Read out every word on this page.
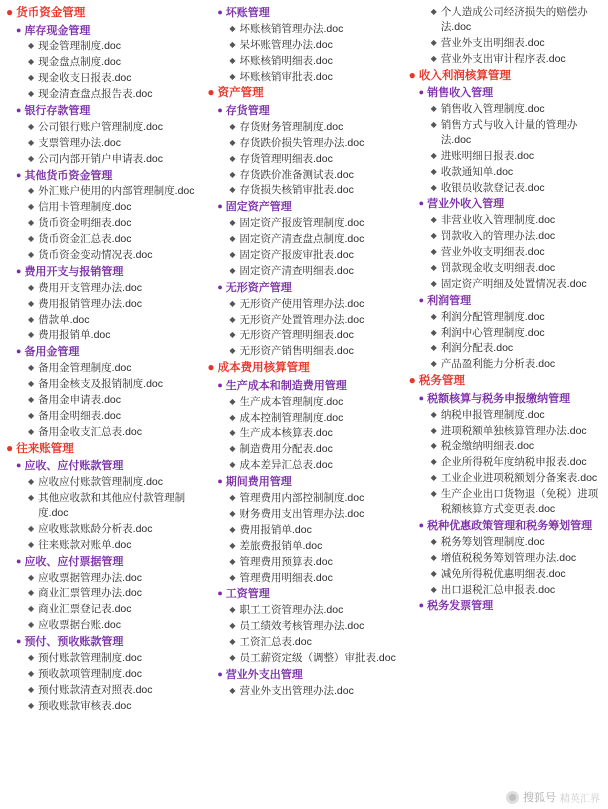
● 货币资金管理
● 库存现金管理
◆ 现金管理制度.doc
◆ 现金盘点制度.doc
◆ 现金收支日报表.doc
◆ 现金清查盘点报告表.doc
● 银行存款管理
◆ 公司银行账户管理制度.doc
◆ 支票管理办法.doc
◆ 公司内部开销户申请表.doc
● 其他货币资金管理
◆ 外汇账户使用的内部管理制度.doc
◆ 信用卡管理制度.doc
◆ 货币资金明细表.doc
◆ 货币资金汇总表.doc
◆ 货币资金变动情况表.doc
● 费用开支与报销管理
◆ 费用开支管理办法.doc
◆ 费用报销管理办法.doc
◆ 借款单.doc
◆ 费用报销单.doc
● 备用金管理
◆ 备用金管理制度.doc
◆ 备用金核支及报销制度.doc
◆ 备用金申请表.doc
◆ 备用金明细表.doc
◆ 备用金收支汇总表.doc
● 往来账管理
● 应收、应付账款管理
◆ 应收应付账款管理制度.doc
◆ 其他应收款和其他应付款管理制度.doc
◆ 应收账款账龄分析表.doc
◆ 往来账款对账单.doc
● 应收、应付票据管理
◆ 应收票据管理办法.doc
◆ 商业汇票管理办法.doc
◆ 商业汇票登记表.doc
◆ 应收票据台账.doc
● 预付、预收账款管理
◆ 预付账款管理制度.doc
◆ 预收款项管理制度.doc
◆ 预付账款清查对照表.doc
◆ 预收账款审核表.doc
● 坏账管理
◆ 坏账核销管理办法.doc
◆ 呆坏账管理办法.doc
◆ 坏账核销明细表.doc
◆ 坏账核销审批表.doc
● 资产管理
● 存货管理
◆ 存货财务管理制度.doc
◆ 存货跌价损失管理办法.doc
◆ 存货管理明细表.doc
◆ 存货跌价准备测试表.doc
◆ 存货损失核销审批表.doc
● 固定资产管理
◆ 固定资产报废管理制度.doc
◆ 固定资产清查盘点制度.doc
◆ 固定资产报废审批表.doc
◆ 固定资产清查明细表.doc
● 无形资产管理
◆ 无形资产使用管理办法.doc
◆ 无形资产处置管理办法.doc
◆ 无形资产管理明细表.doc
◆ 无形资产销售明细表.doc
● 成本费用核算管理
● 生产成本和制造费用管理
◆ 生产成本管理制度.doc
◆ 成本控制管理制度.doc
◆ 生产成本核算表.doc
◆ 制造费用分配表.doc
◆ 成本差异汇总表.doc
● 期间费用管理
◆ 管理费用内部控制制度.doc
◆ 财务费用支出管理办法.doc
◆ 费用报销单.doc
◆ 差旅费报销单.doc
◆ 管理费用预算表.doc
◆ 管理费用明细表.doc
● 工资管理
◆ 职工工资管理办法.doc
◆ 员工绩效考核管理办法.doc
◆ 工资汇总表.doc
◆ 员工薪资定级（调整）审批表.doc
● 营业外支出管理
◆ 营业外支出管理办法.doc
◆ 个人造成公司经济损失的赔偿办法.doc
◆ 营业外支出明细表.doc
◆ 营业外支出审计程序表.doc
● 收入利润核算管理
● 销售收入管理
◆ 销售收入管理制度.doc
◆ 销售方式与收入计量的管理办法.doc
◆ 进账明细日报表.doc
◆ 收款通知单.doc
◆ 收银员收款登记表.doc
● 营业外收入管理
◆ 非营业收入管理制度.doc
◆ 罚款收入的管理办法.doc
◆ 营业外收支明细表.doc
◆ 罚款现金收支明细表.doc
◆ 固定资产明细及处置情况表.doc
● 利润管理
◆ 利润分配管理制度.doc
◆ 利润中心管理制度.doc
◆ 利润分配表.doc
◆ 产品盈利能力分析表.doc
● 税务管理
● 税额核算与税务申报缴纳管理
◆ 纳税申报管理制度.doc
◆ 进项税额单独核算管理办法.doc
◆ 税金缴纳明细表.doc
◆ 企业所得税年度纳税申报表.doc
◆ 工业企业进项税额划分备案表.doc
◆ 生产企业出口货物退（免税）进项税额核算方式变更表.doc
● 税种优惠政策管理和税务筹划管理
◆ 税务筹划管理制度.doc
◆ 增值税税务筹划管理办法.doc
◆ 减免所得税优惠明细表.doc
◆ 出口退税汇总申报表.doc
● 税务发票管理
搜狐号 精英汇界
